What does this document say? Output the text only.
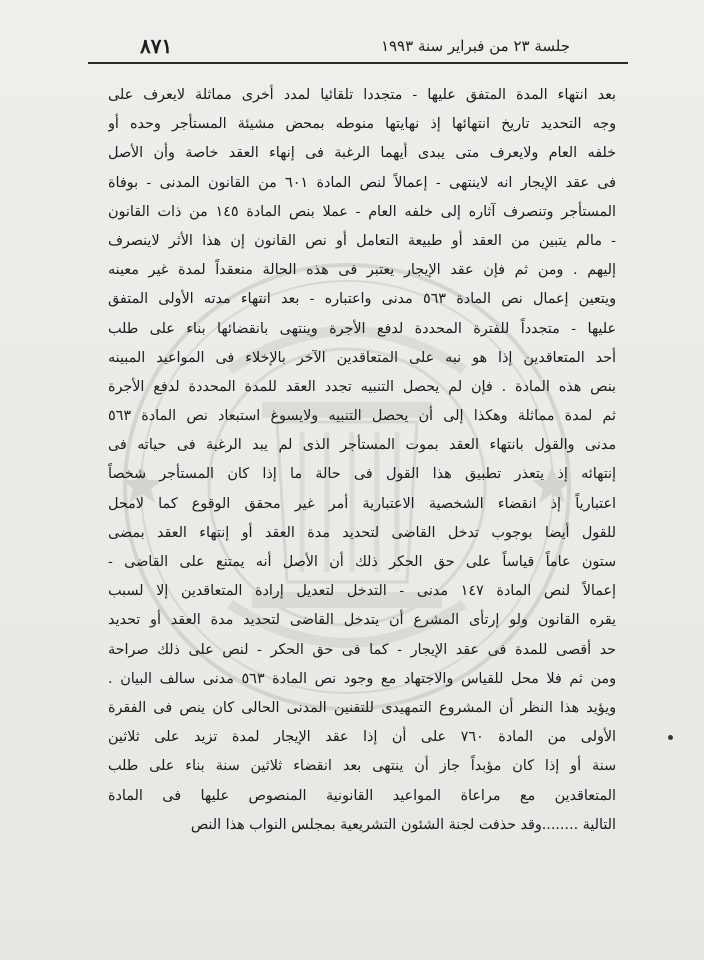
٨٧١	جلسة ٢٣ من فبراير سنة ١٩٩٣
بعد انتهاء المدة المتفق عليها - متجددا تلقائيا لمدد أخرى مماثلة لايعرف على
وجه التحديد تاريخ انتهائها إذ نهايتها منوطه بمحض مشيئة المستأجر وحده أو
خلفه العام ولايعرف متى يبدى أيهما الرغبة فى إنهاء العقد خاصة وأن الأصل
فى عقد الإيجار انه لاينتهى - إعمالاً لنص المادة ٦٠١ من القانون المدنى - بوفاة
المستأجر وتنصرف آثاره إلى خلفه العام - عملا بنص المادة ١٤٥ من ذات القانون
- مالم يتبين من العقد أو طبيعة التعامل أو نص القانون إن هذا الأثر لاينصرف
إليهم . ومن ثم فإن عقد الإيجار يعتبر فى هذه الحالة منعقداً لمدة غير معينه
ويتعين إعمال نص المادة ٥٦٣ مدنى واعتباره - بعد انتهاء مدته الأولى المتفق
عليها - متجدداً للفترة المحددة لدفع الأجرة وينتهى بانقضائها بناء على طلب
أحد المتعاقدين إذا هو نبه على المتعاقدين الآخر بالإخلاء فى المواعيد المبينه
بنص هذه المادة . فإن لم يحصل التنبيه تجدد العقد للمدة المحددة لدفع الأجرة
ثم لمدة مماثلة وهكذا إلى أن يحصل التنبيه ولايسوغ استبعاد نص المادة ٥٦٣
مدنى والقول بانتهاء العقد بموت المستأجر الذى لم يبد الرغبة فى حياته فى
إنتهائه إذ يتعذر تطبيق هذا القول فى حالة ما إذا كان المستأجر شخصاً
اعتبارياً إذ انقضاء الشخصية الاعتبارية أمر غير محقق الوقوع كما لامحل
للقول أيضا بوجوب تدخل القاضى لتحديد مدة العقد أو إنتهاء العقد بمضى
ستون عاماً قياساً على حق الحكر ذلك أن الأصل أنه يمتنع على القاضى -
إعمالاً لنص المادة ١٤٧ مدنى - التدخل لتعديل إرادة المتعاقدين إلا لسبب
يقره القانون ولو إرتأى المشرع أن يتدخل القاضى لتحديد مدة العقد أو تحديد
حد أقصى للمدة فى عقد الإيجار - كما فى حق الحكر - لنص على ذلك صراحة
ومن ثم فلا محل للقياس والاجتهاد مع وجود نص المادة ٥٦٣ مدنى سالف البيان .
ويؤيد هذا النظر أن المشروع التمهيدى للتقنين المدنى الحالى كان ينص فى الفقرة
الأولى من المادة ٧٦٠ على أن إذا عقد الإيجار لمدة تزيد على ثلاثين
سنة أو إذا كان مؤبداً جاز أن ينتهى بعد انقضاء ثلاثين سنة بناء على طلب
المتعاقدين مع مراعاة المواعيد القانونية المنصوص عليها فى المادة
التالية ........وقد حذفت لجنة الشئون التشريعية بمجلس النواب هذا النص
